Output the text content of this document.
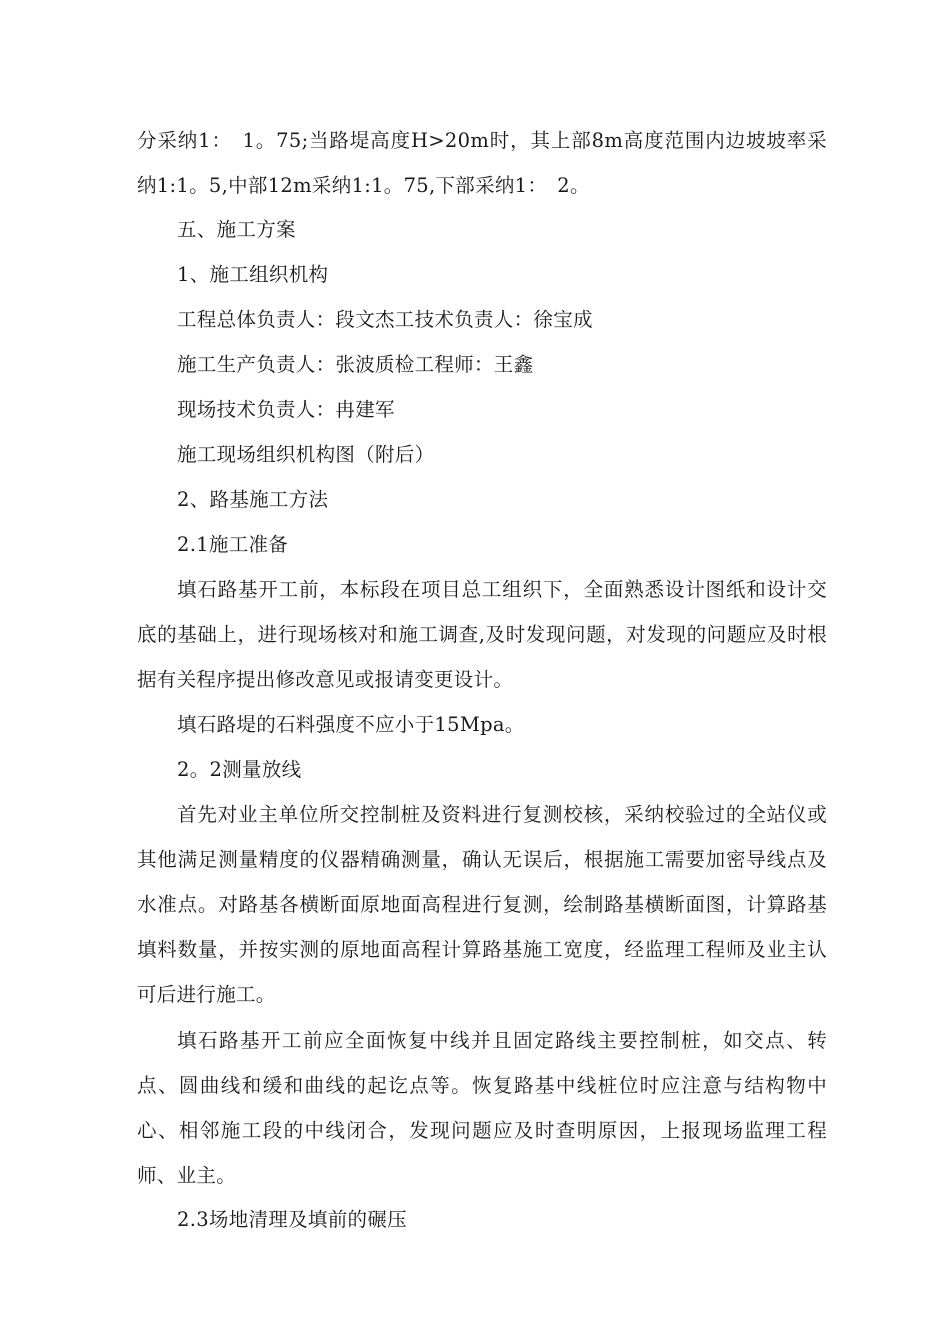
分采纳1：　1。75;当路堤高度H>20m时，其上部8m高度范围内边坡坡率采纳1:1。5,中部12m采纳1:1。75,下部采纳1：　2。

五、施工方案

1、施工组织机构

工程总体负责人：段文杰工技术负责人：徐宝成

施工生产负责人：张波质检工程师：王鑫

现场技术负责人：冉建军

施工现场组织机构图（附后）

2、路基施工方法

2.1施工准备

填石路基开工前，本标段在项目总工组织下，全面熟悉设计图纸和设计交底的基础上，进行现场核对和施工调查,及时发现问题，对发现的问题应及时根据有关程序提出修改意见或报请变更设计。

填石路堤的石料强度不应小于15Mpa。

2。2测量放线

首先对业主单位所交控制桩及资料进行复测校核，采纳校验过的全站仪或其他满足测量精度的仪器精确测量，确认无误后，根据施工需要加密导线点及水准点。对路基各横断面原地面高程进行复测，绘制路基横断面图，计算路基填料数量，并按实测的原地面高程计算路基施工宽度，经监理工程师及业主认可后进行施工。

填石路基开工前应全面恢复中线并且固定路线主要控制桩，如交点、转点、圆曲线和缓和曲线的起讫点等。恢复路基中线桩位时应注意与结构物中心、相邻施工段的中线闭合，发现问题应及时查明原因，上报现场监理工程师、业主。

2.3场地清理及填前的碾压
